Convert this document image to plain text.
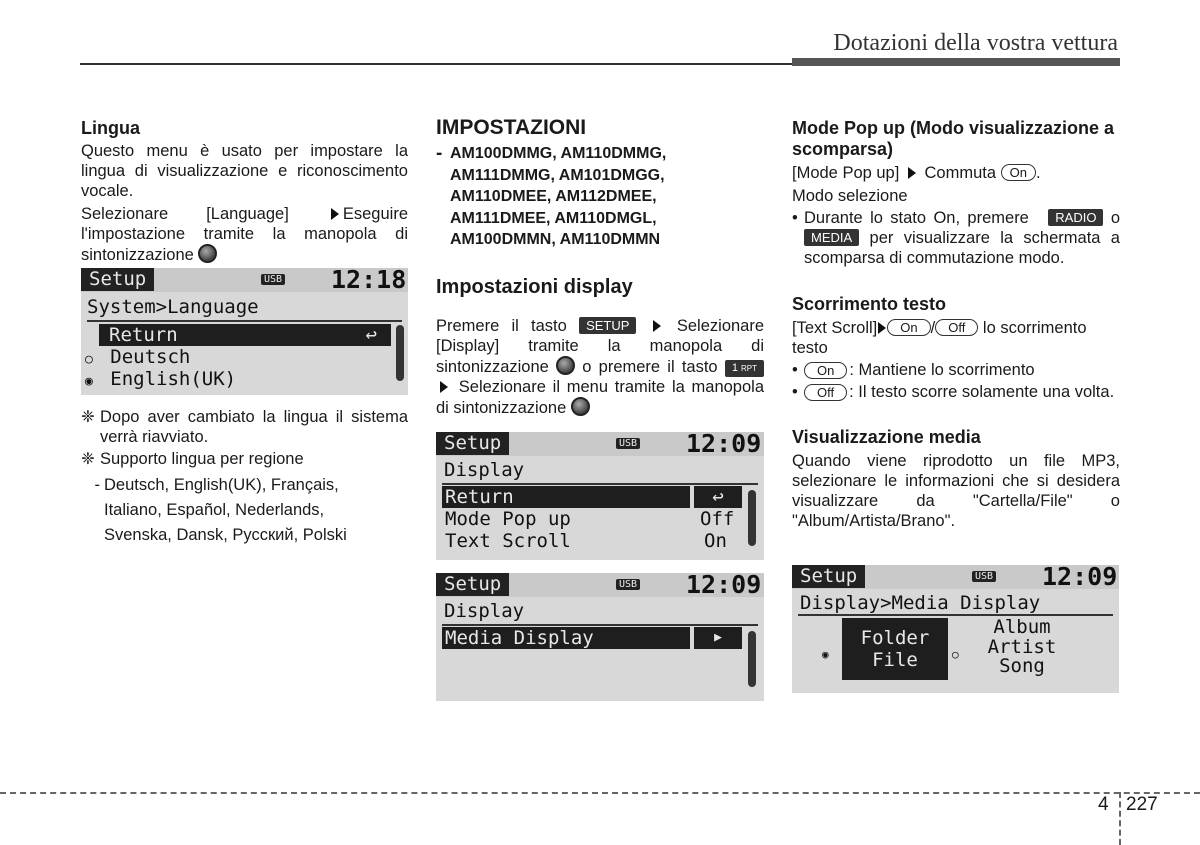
Dotazioni della vostra vettura

Lingua

Questo menu è usato per impostare la lingua di visualizzazione e riconoscimento vocale.

Selezionare [Language]	Eseguire l'impostazione tramite la manopola di sintonizzazione

Setup	USB 12:18
System>Language
Return	↩
○ Deutsch
◉ English(UK)
❈ Dopo aver cambiato la lingua il sistema verrà riavviato.
❈ Supporto lingua per regione
- Deutsch, English(UK), Français,
Italiano, Español, Nederlands,
Svenska, Dansk, Русский, Polski

IMPOSTAZIONI

- AM100DMMG, AM110DMMG,
AM111DMMG, AM101DMGG,
AM110DMEE, AM112DMEE,
AM111DMEE, AM110DMGL,
AM100DMMN, AM110DMMN

Impostazioni display

Premere il tasto SETUP	Selezionare [Display] tramite la manopola di sintonizzazione o premere il tasto 1 RPT  Selezionare il menu tramite la manopola di sintonizzazione

Setup	USB 12:09
Display
Return	↩
Mode Pop up	Off
Text Scroll	On
Setup	USB 12:09
Display
Media Display	▶

Mode Pop up (Modo visualizzazione a scomparsa)

[Mode Pop up] Commuta On .

Modo selezione

• Durante lo stato On, premere RADIO o MEDIA per visualizzare la schermata a scomparsa di commutazione modo.

Scorrimento testo

[Text Scroll] On / Off lo scorrimento testo

•	On : Mantiene lo scorrimento
•	Off : Il testo scorre solamente una volta.

Visualizzazione media

Quando viene riprodotto un file MP3, selezionare le informazioni che si desidera visualizzare da "Cartella/File" o "Album/Artista/Brano".

Setup	USB 12:09
Display>Media Display
◉
Folder
File	○
Album
Artist
Song
4 227
